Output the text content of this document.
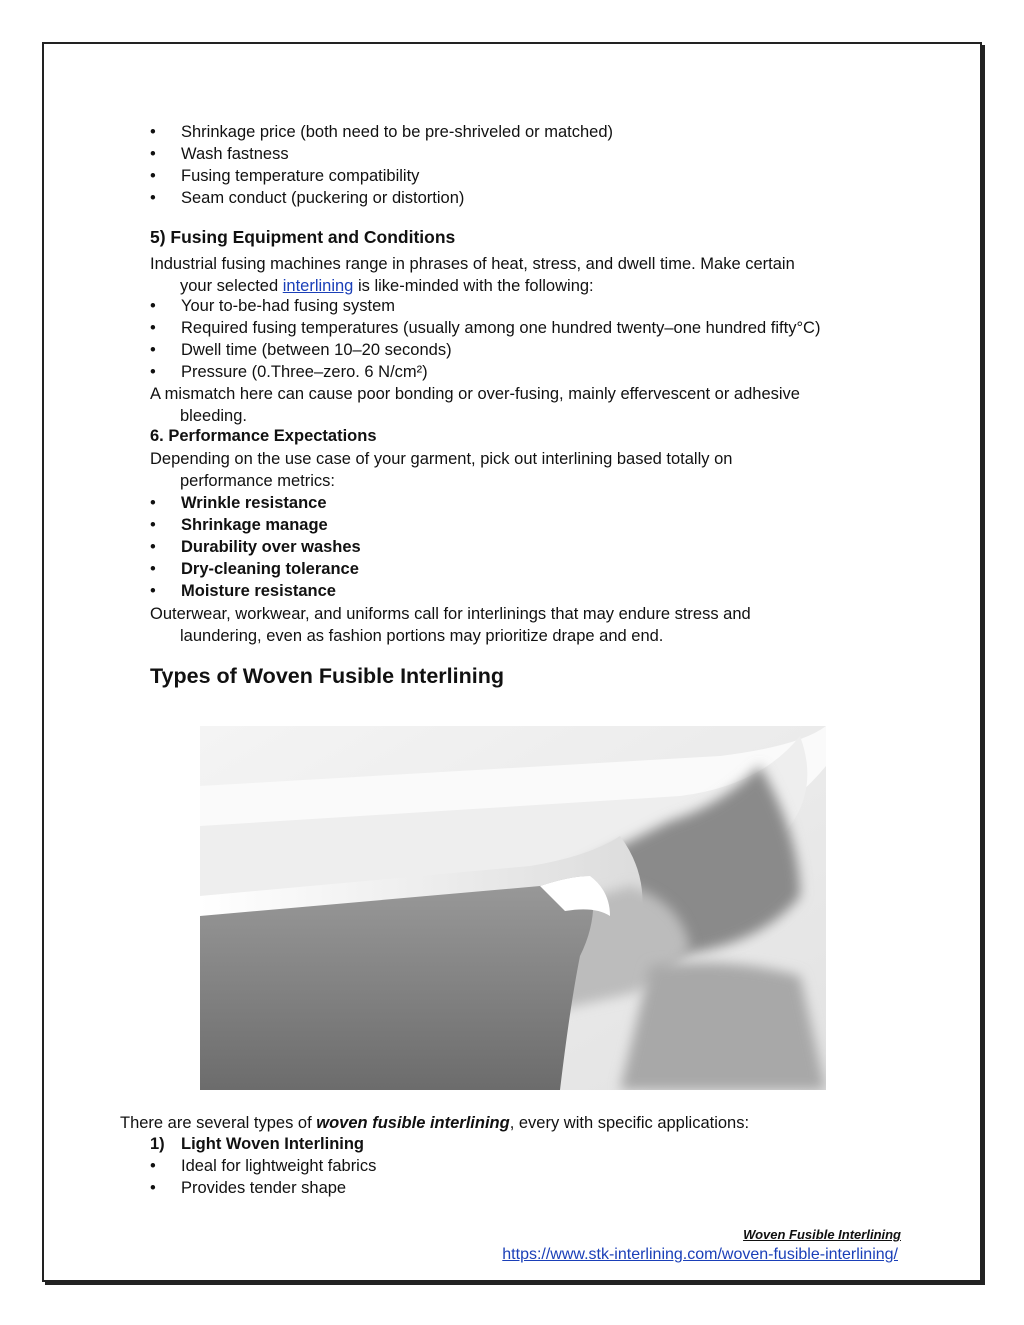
• Shrinkage price (both need to be pre-shriveled or matched)
• Wash fastness
• Fusing temperature compatibility
• Seam conduct (puckering or distortion)
5) Fusing Equipment and Conditions
Industrial fusing machines range in phrases of heat, stress, and dwell time. Make certain
your selected interlining is like-minded with the following:
• Your to-be-had fusing system
• Required fusing temperatures (usually among one hundred twenty–one hundred fifty°C)
• Dwell time (between 10–20 seconds)
• Pressure (0.Three–zero. 6 N/cm²)
A mismatch here can cause poor bonding or over-fusing, mainly effervescent or adhesive
bleeding.
6. Performance Expectations
Depending on the use case of your garment, pick out interlining based totally on
performance metrics:
• Wrinkle resistance
• Shrinkage manage
• Durability over washes
• Dry-cleaning tolerance
• Moisture resistance
Outerwear, workwear, and uniforms call for interlinings that may endure stress and
laundering, even as fashion portions may prioritize drape and end.
Types of Woven Fusible Interlining
There are several types of woven fusible interlining, every with specific applications:
1) Light Woven Interlining
• Ideal for lightweight fabrics
• Provides tender shape
Woven Fusible Interlining
https://www.stk-interlining.com/woven-fusible-interlining/
